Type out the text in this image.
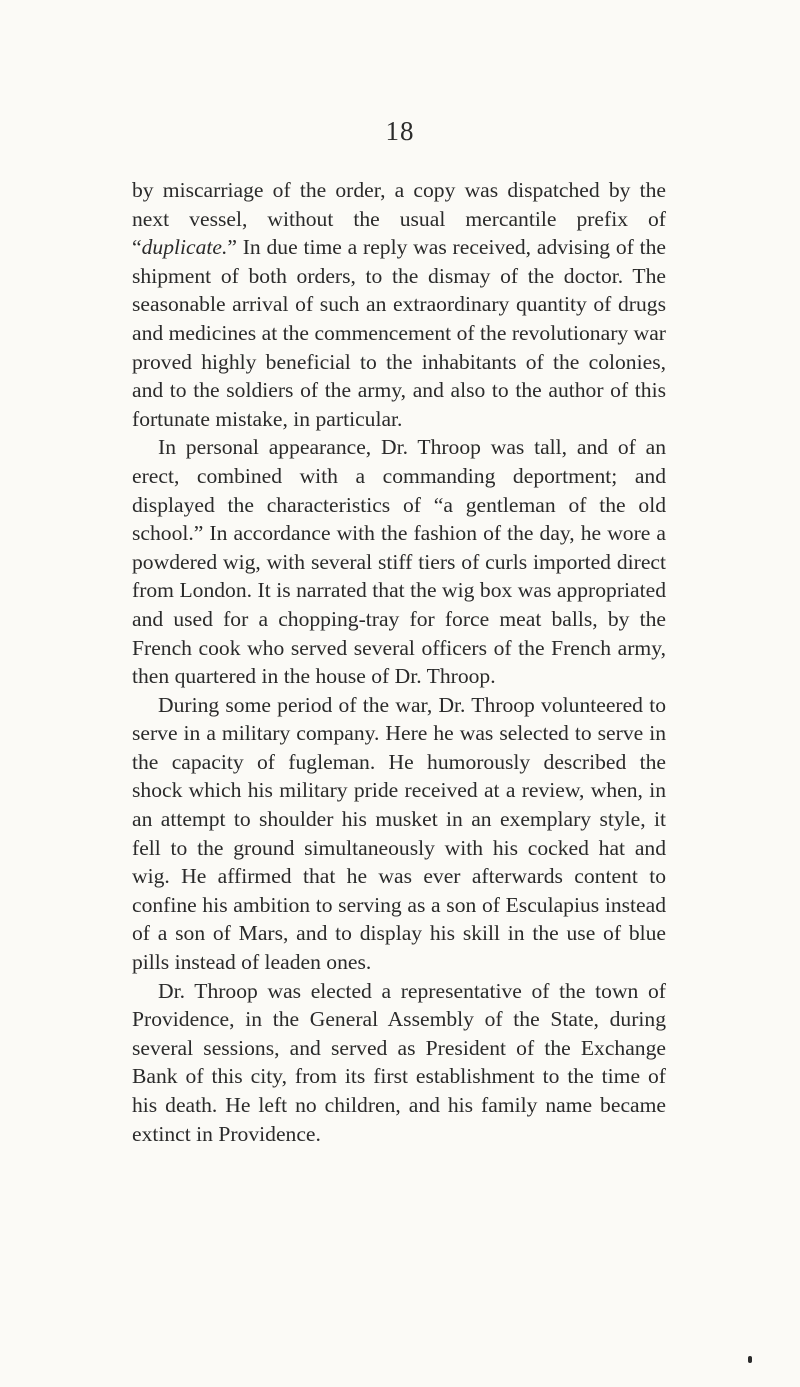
18

by miscarriage of the order, a copy was dispatched by the next vessel, without the usual mercantile prefix of “duplicate.” In due time a reply was received, advising of the shipment of both orders, to the dismay of the doctor. The seasonable arrival of such an extraordinary quantity of drugs and medicines at the commencement of the revolutionary war proved highly beneficial to the inhabitants of the colonies, and to the soldiers of the army, and also to the author of this fortunate mistake, in particular.

In personal appearance, Dr. Throop was tall, and of an erect, combined with a commanding deportment; and displayed the characteristics of “a gentleman of the old school.” In accordance with the fashion of the day, he wore a powdered wig, with several stiff tiers of curls imported direct from London. It is narrated that the wig box was appropriated and used for a chopping-tray for force meat balls, by the French cook who served several officers of the French army, then quartered in the house of Dr. Throop.

During some period of the war, Dr. Throop volunteered to serve in a military company. Here he was selected to serve in the capacity of fugleman. He humorously described the shock which his military pride received at a review, when, in an attempt to shoulder his musket in an exemplary style, it fell to the ground simultaneously with his cocked hat and wig. He affirmed that he was ever afterwards content to confine his ambition to serving as a son of Esculapius instead of a son of Mars, and to display his skill in the use of blue pills instead of leaden ones.

Dr. Throop was elected a representative of the town of Providence, in the General Assembly of the State, during several sessions, and served as President of the Exchange Bank of this city, from its first establishment to the time of his death. He left no children, and his family name became extinct in Providence.
